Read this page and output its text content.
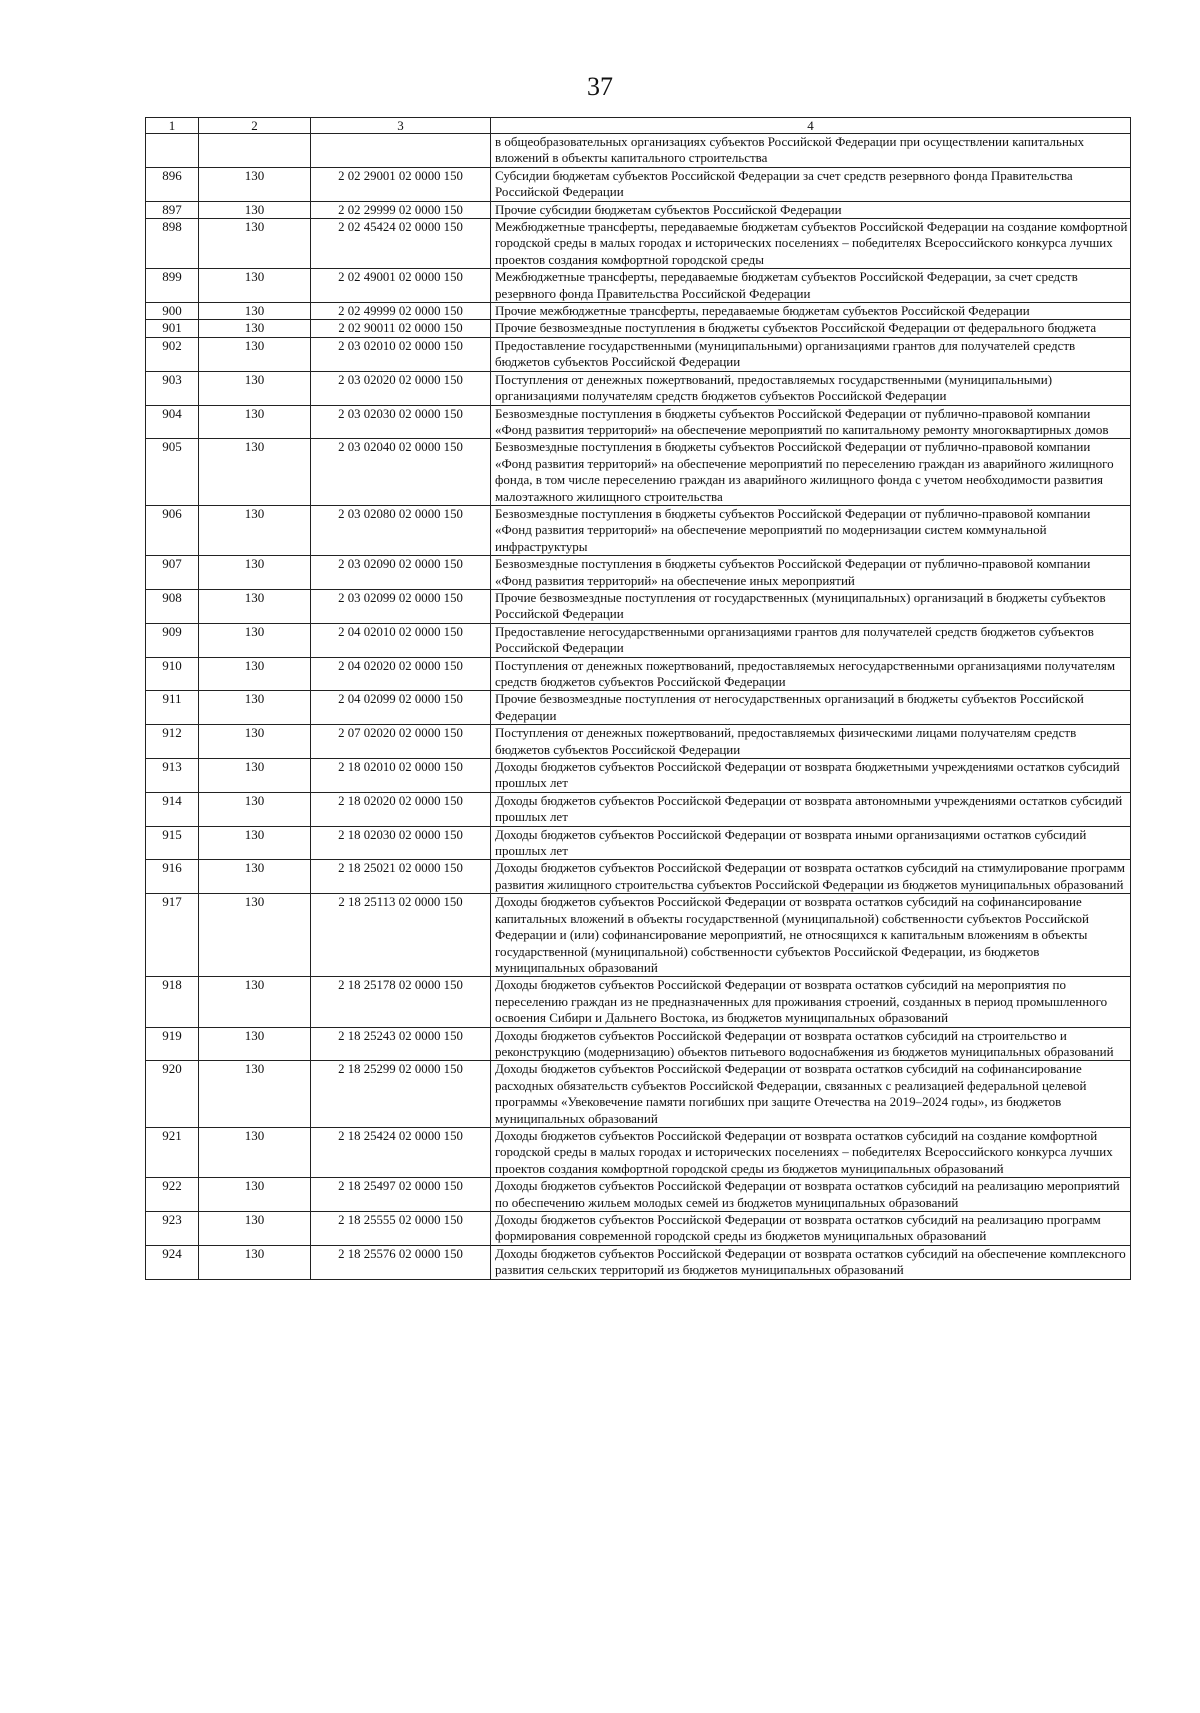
37
1	2	3	4
			в общеобразовательных организациях субъектов Российской Федерации при осуществлении капитальных вложений в объекты капитального строительства
896	130	2 02 29001 02 0000 150	Субсидии бюджетам субъектов Российской Федерации за счет средств резервного фонда Правительства Российской Федерации
897	130	2 02 29999 02 0000 150	Прочие субсидии бюджетам субъектов Российской Федерации
898	130	2 02 45424 02 0000 150	Межбюджетные трансферты, передаваемые бюджетам субъектов Российской Федерации на создание комфортной городской среды в малых городах и исторических поселениях – победителях Всероссийского конкурса лучших проектов создания комфортной городской среды
899	130	2 02 49001 02 0000 150	Межбюджетные трансферты, передаваемые бюджетам субъектов Российской Федерации, за счет средств резервного фонда Правительства Российской Федерации
900	130	2 02 49999 02 0000 150	Прочие межбюджетные трансферты, передаваемые бюджетам субъектов Российской Федерации
901	130	2 02 90011 02 0000 150	Прочие безвозмездные поступления в бюджеты субъектов Российской Федерации от федерального бюджета
902	130	2 03 02010 02 0000 150	Предоставление государственными (муниципальными) организациями грантов для получателей средств бюджетов субъектов Российской Федерации
903	130	2 03 02020 02 0000 150	Поступления от денежных пожертвований, предоставляемых государственными (муниципальными) организациями получателям средств бюджетов субъектов Российской Федерации
904	130	2 03 02030 02 0000 150	Безвозмездные поступления в бюджеты субъектов Российской Федерации от публично-правовой компании «Фонд развития территорий» на обеспечение мероприятий по капитальному ремонту многоквартирных домов
905	130	2 03 02040 02 0000 150	Безвозмездные поступления в бюджеты субъектов Российской Федерации от публично-правовой компании «Фонд развития территорий» на обеспечение мероприятий по переселению граждан из аварийного жилищного фонда, в том числе переселению граждан из аварийного жилищного фонда с учетом необходимости развития малоэтажного жилищного строительства
906	130	2 03 02080 02 0000 150	Безвозмездные поступления в бюджеты субъектов Российской Федерации от публично-правовой компании «Фонд развития территорий» на обеспечение мероприятий по модернизации систем коммунальной инфраструктуры
907	130	2 03 02090 02 0000 150	Безвозмездные поступления в бюджеты субъектов Российской Федерации от публично-правовой компании «Фонд развития территорий» на обеспечение иных мероприятий
908	130	2 03 02099 02 0000 150	Прочие безвозмездные поступления от государственных (муниципальных) организаций в бюджеты субъектов Российской Федерации
909	130	2 04 02010 02 0000 150	Предоставление негосударственными организациями грантов для получателей средств бюджетов субъектов Российской Федерации
910	130	2 04 02020 02 0000 150	Поступления от денежных пожертвований, предоставляемых негосударственными организациями получателям средств бюджетов субъектов Российской Федерации
911	130	2 04 02099 02 0000 150	Прочие безвозмездные поступления от негосударственных организаций в бюджеты субъектов Российской Федерации
912	130	2 07 02020 02 0000 150	Поступления от денежных пожертвований, предоставляемых физическими лицами получателям средств бюджетов субъектов Российской Федерации
913	130	2 18 02010 02 0000 150	Доходы бюджетов субъектов Российской Федерации от возврата бюджетными учреждениями остатков субсидий прошлых лет
914	130	2 18 02020 02 0000 150	Доходы бюджетов субъектов Российской Федерации от возврата автономными учреждениями остатков субсидий прошлых лет
915	130	2 18 02030 02 0000 150	Доходы бюджетов субъектов Российской Федерации от возврата иными организациями остатков субсидий прошлых лет
916	130	2 18 25021 02 0000 150	Доходы бюджетов субъектов Российской Федерации от возврата остатков субсидий на стимулирование программ развития жилищного строительства субъектов Российской Федерации из бюджетов муниципальных образований
917	130	2 18 25113 02 0000 150	Доходы бюджетов субъектов Российской Федерации от возврата остатков субсидий на софинансирование капитальных вложений в объекты государственной (муниципальной) собственности субъектов Российской Федерации и (или) софинансирование мероприятий, не относящихся к капитальным вложениям в объекты государственной (муниципальной) собственности субъектов Российской Федерации, из бюджетов муниципальных образований
918	130	2 18 25178 02 0000 150	Доходы бюджетов субъектов Российской Федерации от возврата остатков субсидий на мероприятия по переселению граждан из не предназначенных для проживания строений, созданных в период промышленного освоения Сибири и Дальнего Востока, из бюджетов муниципальных образований
919	130	2 18 25243 02 0000 150	Доходы бюджетов субъектов Российской Федерации от возврата остатков субсидий на строительство и реконструкцию (модернизацию) объектов питьевого водоснабжения из бюджетов муниципальных образований
920	130	2 18 25299 02 0000 150	Доходы бюджетов субъектов Российской Федерации от возврата остатков субсидий на софинансирование расходных обязательств субъектов Российской Федерации, связанных с реализацией федеральной целевой программы «Увековечение памяти погибших при защите Отечества на 2019–2024 годы», из бюджетов муниципальных образований
921	130	2 18 25424 02 0000 150	Доходы бюджетов субъектов Российской Федерации от возврата остатков субсидий на создание комфортной городской среды в малых городах и исторических поселениях – победителях Всероссийского конкурса лучших проектов создания комфортной городской среды из бюджетов муниципальных образований
922	130	2 18 25497 02 0000 150	Доходы бюджетов субъектов Российской Федерации от возврата остатков субсидий на реализацию мероприятий по обеспечению жильем молодых семей из бюджетов муниципальных образований
923	130	2 18 25555 02 0000 150	Доходы бюджетов субъектов Российской Федерации от возврата остатков субсидий на реализацию программ формирования современной городской среды из бюджетов муниципальных образований
924	130	2 18 25576 02 0000 150	Доходы бюджетов субъектов Российской Федерации от возврата остатков субсидий на обеспечение комплексного развития сельских территорий из бюджетов муниципальных образований
